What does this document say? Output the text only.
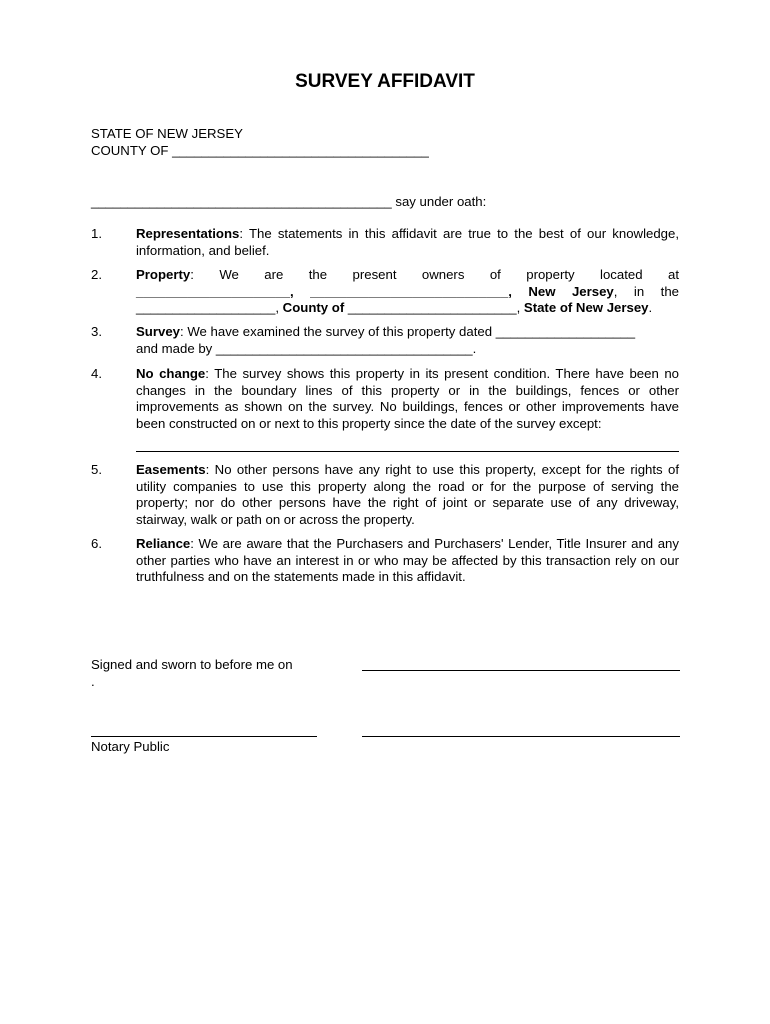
SURVEY AFFIDAVIT
STATE OF NEW JERSEY
COUNTY OF ___________________________________
_________________________________________ say under oath:
1.	Representations: The statements in this affidavit are true to the best of our knowledge, information, and belief.
2.	Property: We are the present owners of property located at
_____________________, ___________________________, New Jersey, in the
___________________, County of _______________________, State of New Jersey.
3.	Survey: We have examined the survey of this property dated ___________________
and made by ___________________________________.
4.	No change: The survey shows this property in its present condition. There have been no changes in the boundary lines of this property or in the buildings, fences or other improvements as shown on the survey. No buildings, fences or other improvements have been constructed on or next to this property since the date of the survey except:
5.	Easements: No other persons have any right to use this property, except for the rights of utility companies to use this property along the road or for the purpose of serving the property; nor do other persons have the right of joint or separate use of any driveway, stairway, walk or path on or across the property.
6.	Reliance: We are aware that the Purchasers and Purchasers' Lender, Title Insurer and any other parties who have an interest in or who may be affected by this transaction rely on our truthfulness and on the statements made in this affidavit.
Signed and sworn to before me on
.
Notary Public
